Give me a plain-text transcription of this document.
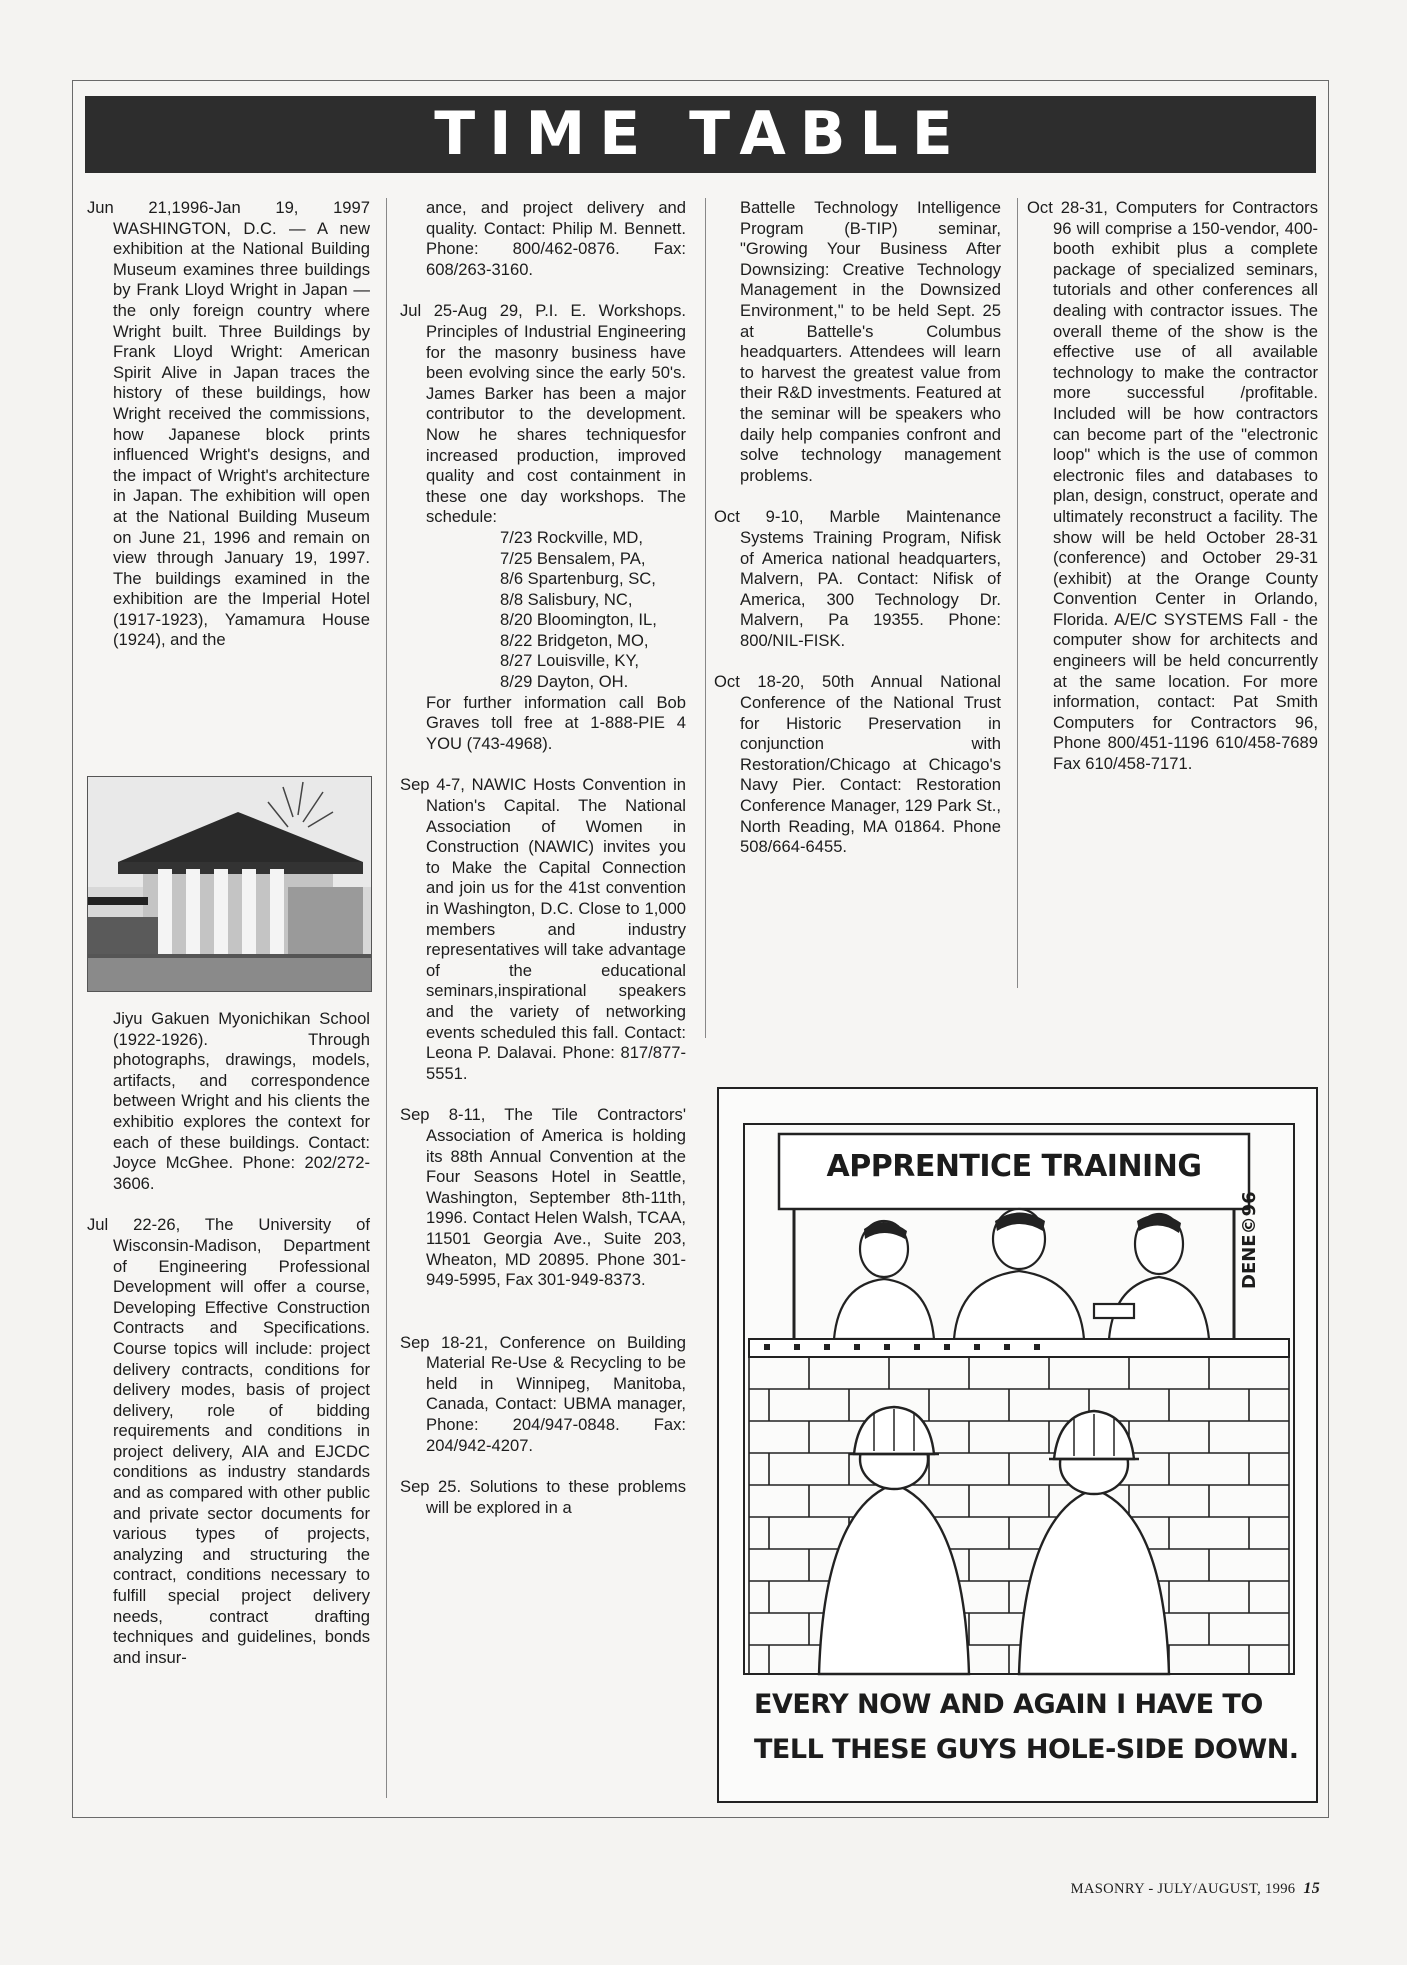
TIME TABLE

Jun 21,1996-Jan 19, 1997 WASHINGTON, D.C. — A new exhibition at the National Building Museum examines three buildings by Frank Lloyd Wright in Japan — the only foreign country where Wright built. Three Buildings by Frank Lloyd Wright: American Spirit Alive in Japan traces the history of these buildings, how Wright received the commissions, how Japanese block prints influenced Wright's designs, and the impact of Wright's architecture in Japan. The exhibition will open at the National Building Museum on June 21, 1996 and remain on view through January 19, 1997. The buildings examined in the exhibition are the Imperial Hotel (1917-1923), Yamamura House (1924), and the

Jiyu Gakuen Myonichikan School (1922-1926). Through photographs, drawings, models, artifacts, and correspondence between Wright and his clients the exhibitio explores the context for each of these buildings. Contact: Joyce McGhee. Phone: 202/272-3606.

Jul 22-26, The University of Wisconsin-Madison, Department of Engineering Professional Development will offer a course, Developing Effective Construction Contracts and Specifications. Course topics will include: project delivery contracts, conditions for delivery modes, basis of project delivery, role of bidding requirements and conditions in project delivery, AIA and EJCDC conditions as industry standards and as compared with other public and private sector documents for various types of projects, analyzing and structuring the contract, conditions necessary to fulfill special project delivery needs, contract drafting techniques and guidelines, bonds and insur-

ance, and project delivery and quality. Contact: Philip M. Bennett. Phone: 800/462-0876. Fax: 608/263-3160.

Jul 25-Aug 29, P.I. E. Workshops. Principles of Industrial Engineering for the masonry business have been evolving since the early 50's. James Barker has been a major contributor to the development. Now he shares techniquesfor increased production, improved quality and cost containment in these one day workshops. The schedule:

7/23 Rockville, MD,
7/25 Bensalem, PA,
8/6 Spartenburg, SC,
8/8 Salisbury, NC,
8/20 Bloomington, IL,
8/22 Bridgeton, MO,
8/27 Louisville, KY,
8/29 Dayton, OH.

For further information call Bob Graves toll free at 1-888-PIE 4 YOU (743-4968).

Sep 4-7, NAWIC Hosts Convention in Nation's Capital. The National Association of Women in Construction (NAWIC) invites you to Make the Capital Connection and join us for the 41st convention in Washington, D.C. Close to 1,000 members and industry representatives will take advantage of the educational seminars,inspirational speakers and the variety of networking events scheduled this fall. Contact: Leona P. Dalavai. Phone: 817/877-5551.

Sep 8-11, The Tile Contractors' Association of America is holding its 88th Annual Convention at the Four Seasons Hotel in Seattle, Washington, September 8th-11th, 1996. Contact Helen Walsh, TCAA, 11501 Georgia Ave., Suite 203, Wheaton, MD 20895. Phone 301-949-5995, Fax 301-949-8373.

Sep 18-21, Conference on Building Material Re-Use & Recycling to be held in Winnipeg, Manitoba, Canada, Contact: UBMA manager, Phone: 204/947-0848. Fax: 204/942-4207.

Sep 25. Solutions to these problems will be explored in a

Battelle Technology Intelligence Program (B-TIP) seminar, "Growing Your Business After Downsizing: Creative Technology Management in the Downsized Environment," to be held Sept. 25 at Battelle's Columbus headquarters. Attendees will learn to harvest the greatest value from their R&D investments. Featured at the seminar will be speakers who daily help companies confront and solve technology management problems.

Oct 9-10, Marble Maintenance Systems Training Program, Nifisk of America national headquarters, Malvern, PA. Contact: Nifisk of America, 300 Technology Dr. Malvern, Pa 19355. Phone: 800/NIL-FISK.

Oct 18-20, 50th Annual National Conference of the National Trust for Historic Preservation in conjunction with Restoration/Chicago at Chicago's Navy Pier. Contact: Restoration Conference Manager, 129 Park St., North Reading, MA 01864. Phone 508/664-6455.

Oct 28-31, Computers for Contractors 96 will comprise a 150-vendor, 400-booth exhibit plus a complete package of specialized seminars, tutorials and other conferences all dealing with contractor issues. The overall theme of the show is the effective use of all available technology to make the contractor more successful /profitable. Included will be how contractors can become part of the "electronic loop" which is the use of common electronic files and databases to plan, design, construct, operate and ultimately reconstruct a facility. The show will be held October 28-31 (conference) and October 29-31 (exhibit) at the Orange County Convention Center in Orlando, Florida. A/E/C SYSTEMS Fall - the computer show for architects and engineers will be held concurrently at the same location. For more information, contact: Pat Smith Computers for Contractors 96, Phone 800/451-1196 610/458-7689 Fax 610/458-7171.

APPRENTICE TRAINING
DENE©96
EVERY NOW AND AGAIN I HAVE TO
TELL THESE GUYS HOLE-SIDE DOWN.
MASONRY - JULY/AUGUST, 1996 15
